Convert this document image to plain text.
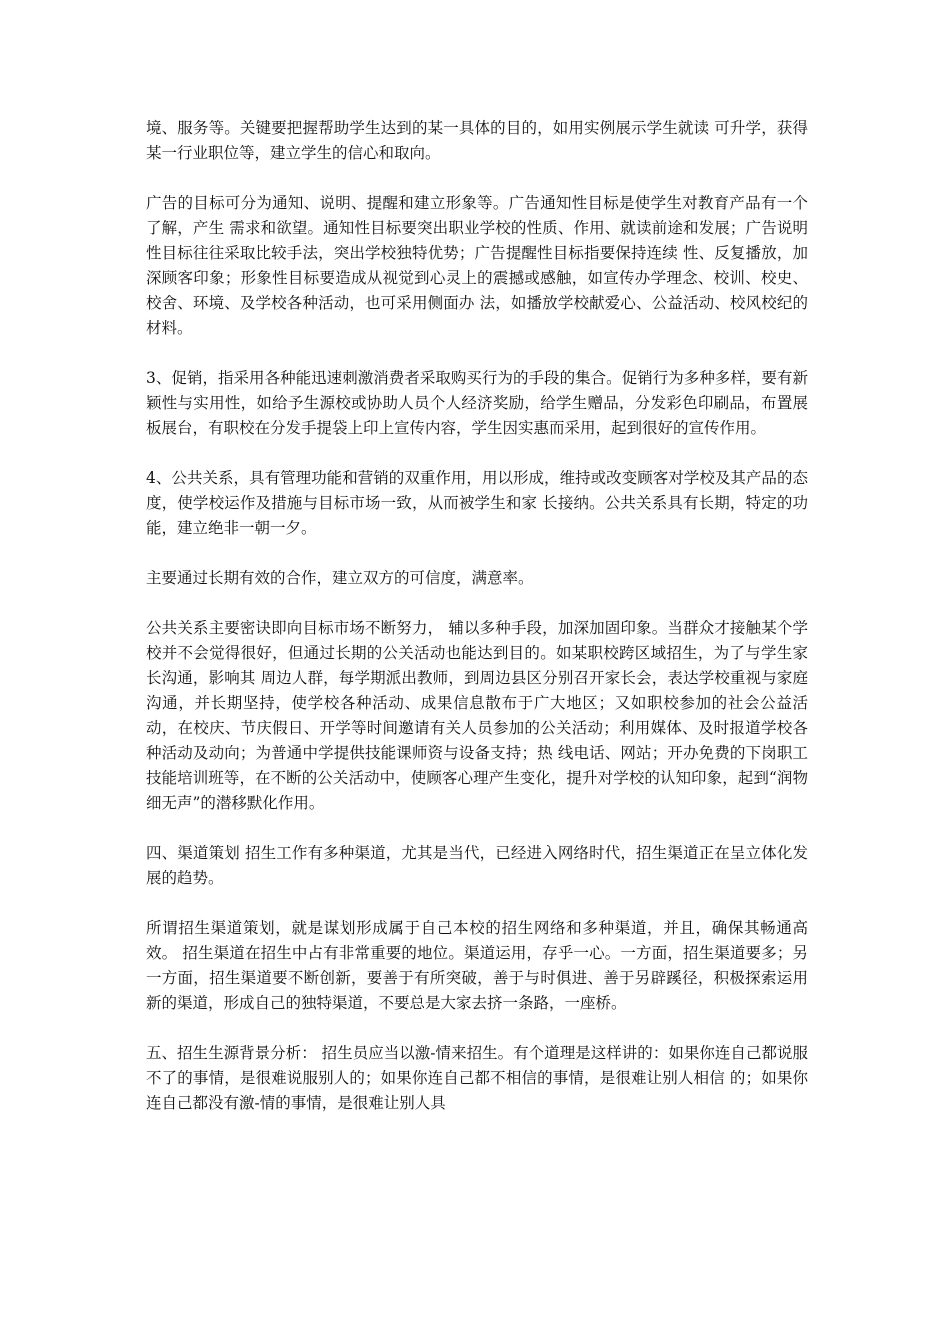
境、服务等。关键要把握帮助学生达到的某一具体的目的，如用实例展示学生就读 可升学，获得某一行业职位等，建立学生的信心和取向。

广告的目标可分为通知、说明、提醒和建立形象等。广告通知性目标是使学生对教育产品有一个了解，产生 需求和欲望。通知性目标要突出职业学校的性质、作用、就读前途和发展；广告说明性目标往往采取比较手法，突出学校独特优势；广告提醒性目标指要保持连续 性、反复播放，加深顾客印象；形象性目标要造成从视觉到心灵上的震撼或感触，如宣传办学理念、校训、校史、校舍、环境、及学校各种活动，也可采用侧面办 法，如播放学校献爱心、公益活动、校风校纪的材料。

3、促销，指采用各种能迅速刺激消费者采取购买行为的手段的集合。促销行为多种多样，要有新颖性与实用性，如给予生源校或协助人员个人经济奖励，给学生赠品，分发彩色印刷品，布置展板展台，有职校在分发手提袋上印上宣传内容，学生因实惠而采用，起到很好的宣传作用。

4、公共关系，具有管理功能和营销的双重作用，用以形成，维持或改变顾客对学校及其产品的态度，使学校运作及措施与目标市场一致，从而被学生和家 长接纳。公共关系具有长期，特定的功能，建立绝非一朝一夕。

主要通过长期有效的合作，建立双方的可信度，满意率。

公共关系主要密诀即向目标市场不断努力， 辅以多种手段，加深加固印象。当群众才接触某个学校并不会觉得很好，但通过长期的公关活动也能达到目的。如某职校跨区域招生，为了与学生家长沟通，影响其 周边人群，每学期派出教师，到周边县区分别召开家长会，表达学校重视与家庭沟通，并长期坚持，使学校各种活动、成果信息散布于广大地区；又如职校参加的社会公益活动，在校庆、节庆假日、开学等时间邀请有关人员参加的公关活动；利用媒体、及时报道学校各种活动及动向；为普通中学提供技能课师资与设备支持；热 线电话、网站；开办免费的下岗职工技能培训班等，在不断的公关活动中，使顾客心理产生变化，提升对学校的认知印象，起到“润物细无声”的潜移默化作用。

四、渠道策划 招生工作有多种渠道，尤其是当代，已经进入网络时代，招生渠道正在呈立体化发展的趋势。

所谓招生渠道策划，就是谋划形成属于自己本校的招生网络和多种渠道，并且，确保其畅通高效。 招生渠道在招生中占有非常重要的地位。渠道运用，存乎一心。一方面，招生渠道要多；另一方面，招生渠道要不断创新，要善于有所突破，善于与时俱进、善于另辟蹊径，积极探索运用新的渠道，形成自己的独特渠道，不要总是大家去挤一条路，一座桥。

五、招生生源背景分析： 招生员应当以激-情来招生。有个道理是这样讲的：如果你连自己都说服不了的事情，是很难说服别人的；如果你连自己都不相信的事情，是很难让别人相信 的；如果你连自己都没有激-情的事情，是很难让别人具
